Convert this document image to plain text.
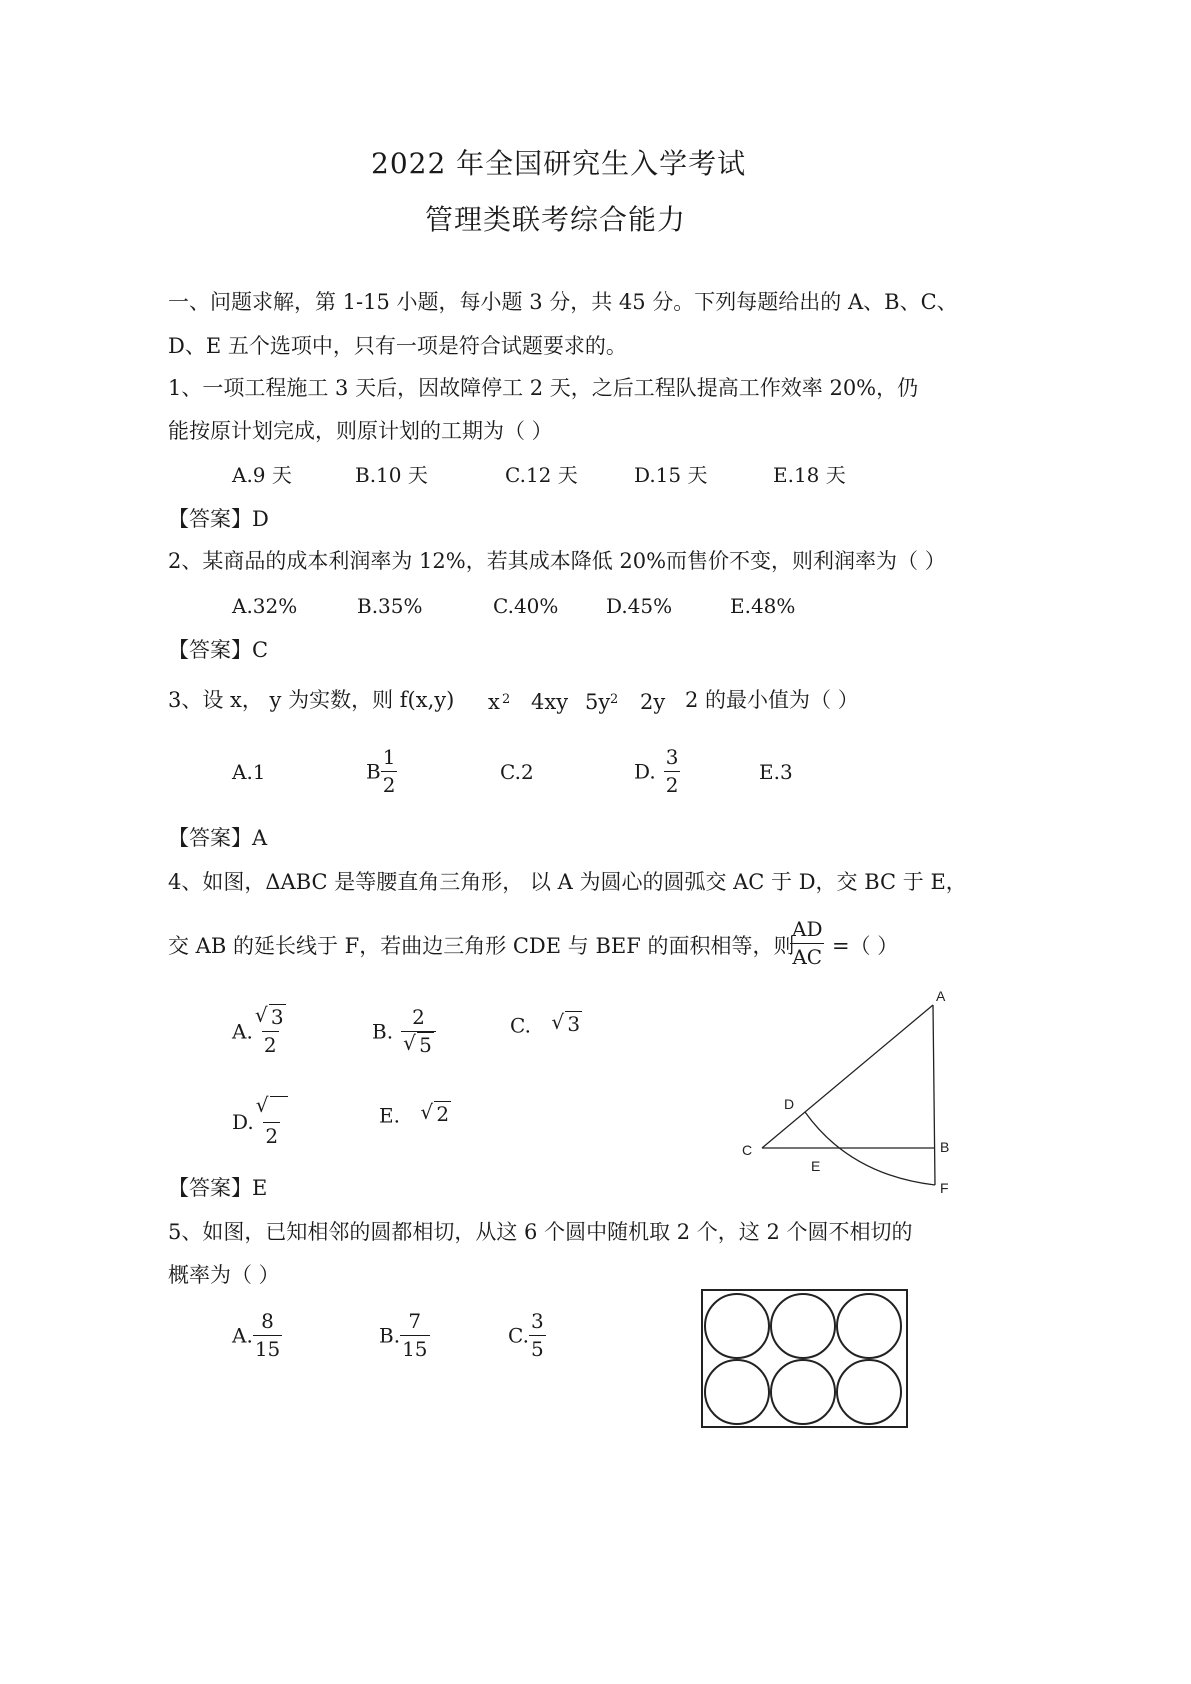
2022 年全国研究生入学考试
管理类联考综合能力
一、问题求解，第 1-15 小题，每小题 3 分，共 45 分。下列每题给出的 A、B、C、
D、E 五个选项中，只有一项是符合试题要求的。
1、一项工程施工 3 天后，因故障停工 2 天，之后工程队提高工作效率 20%，仍
能按原计划完成，则原计划的工期为（ ）
A.9 天	B.10 天	C.12 天	D.15 天	E.18 天
【答案】D
2、某商品的成本利润率为 12%，若其成本降低 20%而售价不变，则利润率为（ ）
A.32%	B.35%	C.40% D.45%	E.48%
【答案】C
3、设 x， y 为实数，则 f(x,y) x 2 4xy 5y 2 2y 2 的最小值为（ ）
A.1	B $\frac{1}{2}$	C.2	D. $\frac{3}{2}$	E.3
【答案】A
4、如图，ΔABC 是等腰直角三角形， 以 A 为圆心的圆弧交 AC 于 D，交 BC 于 E，
交 AB 的延长线于 F，若曲边三角形 CDE 与 BEF 的面积相等，则
$\frac{AD}{AC}$ =（ ）
A. √ $\frac{3}{2}$	B. 2
√ 5	C. √ 3
D.
√
2
E. √ 2
【答案】E
A
B
C
D
E
F
5、如图，已知相邻的圆都相切，从这 6 个圆中随机取 2 个，这 2 个圆不相切的
概率为（ ）
A. $\frac{8}{15}$	B. $\frac{7}{15}$	C. $\frac{3}{5}$
